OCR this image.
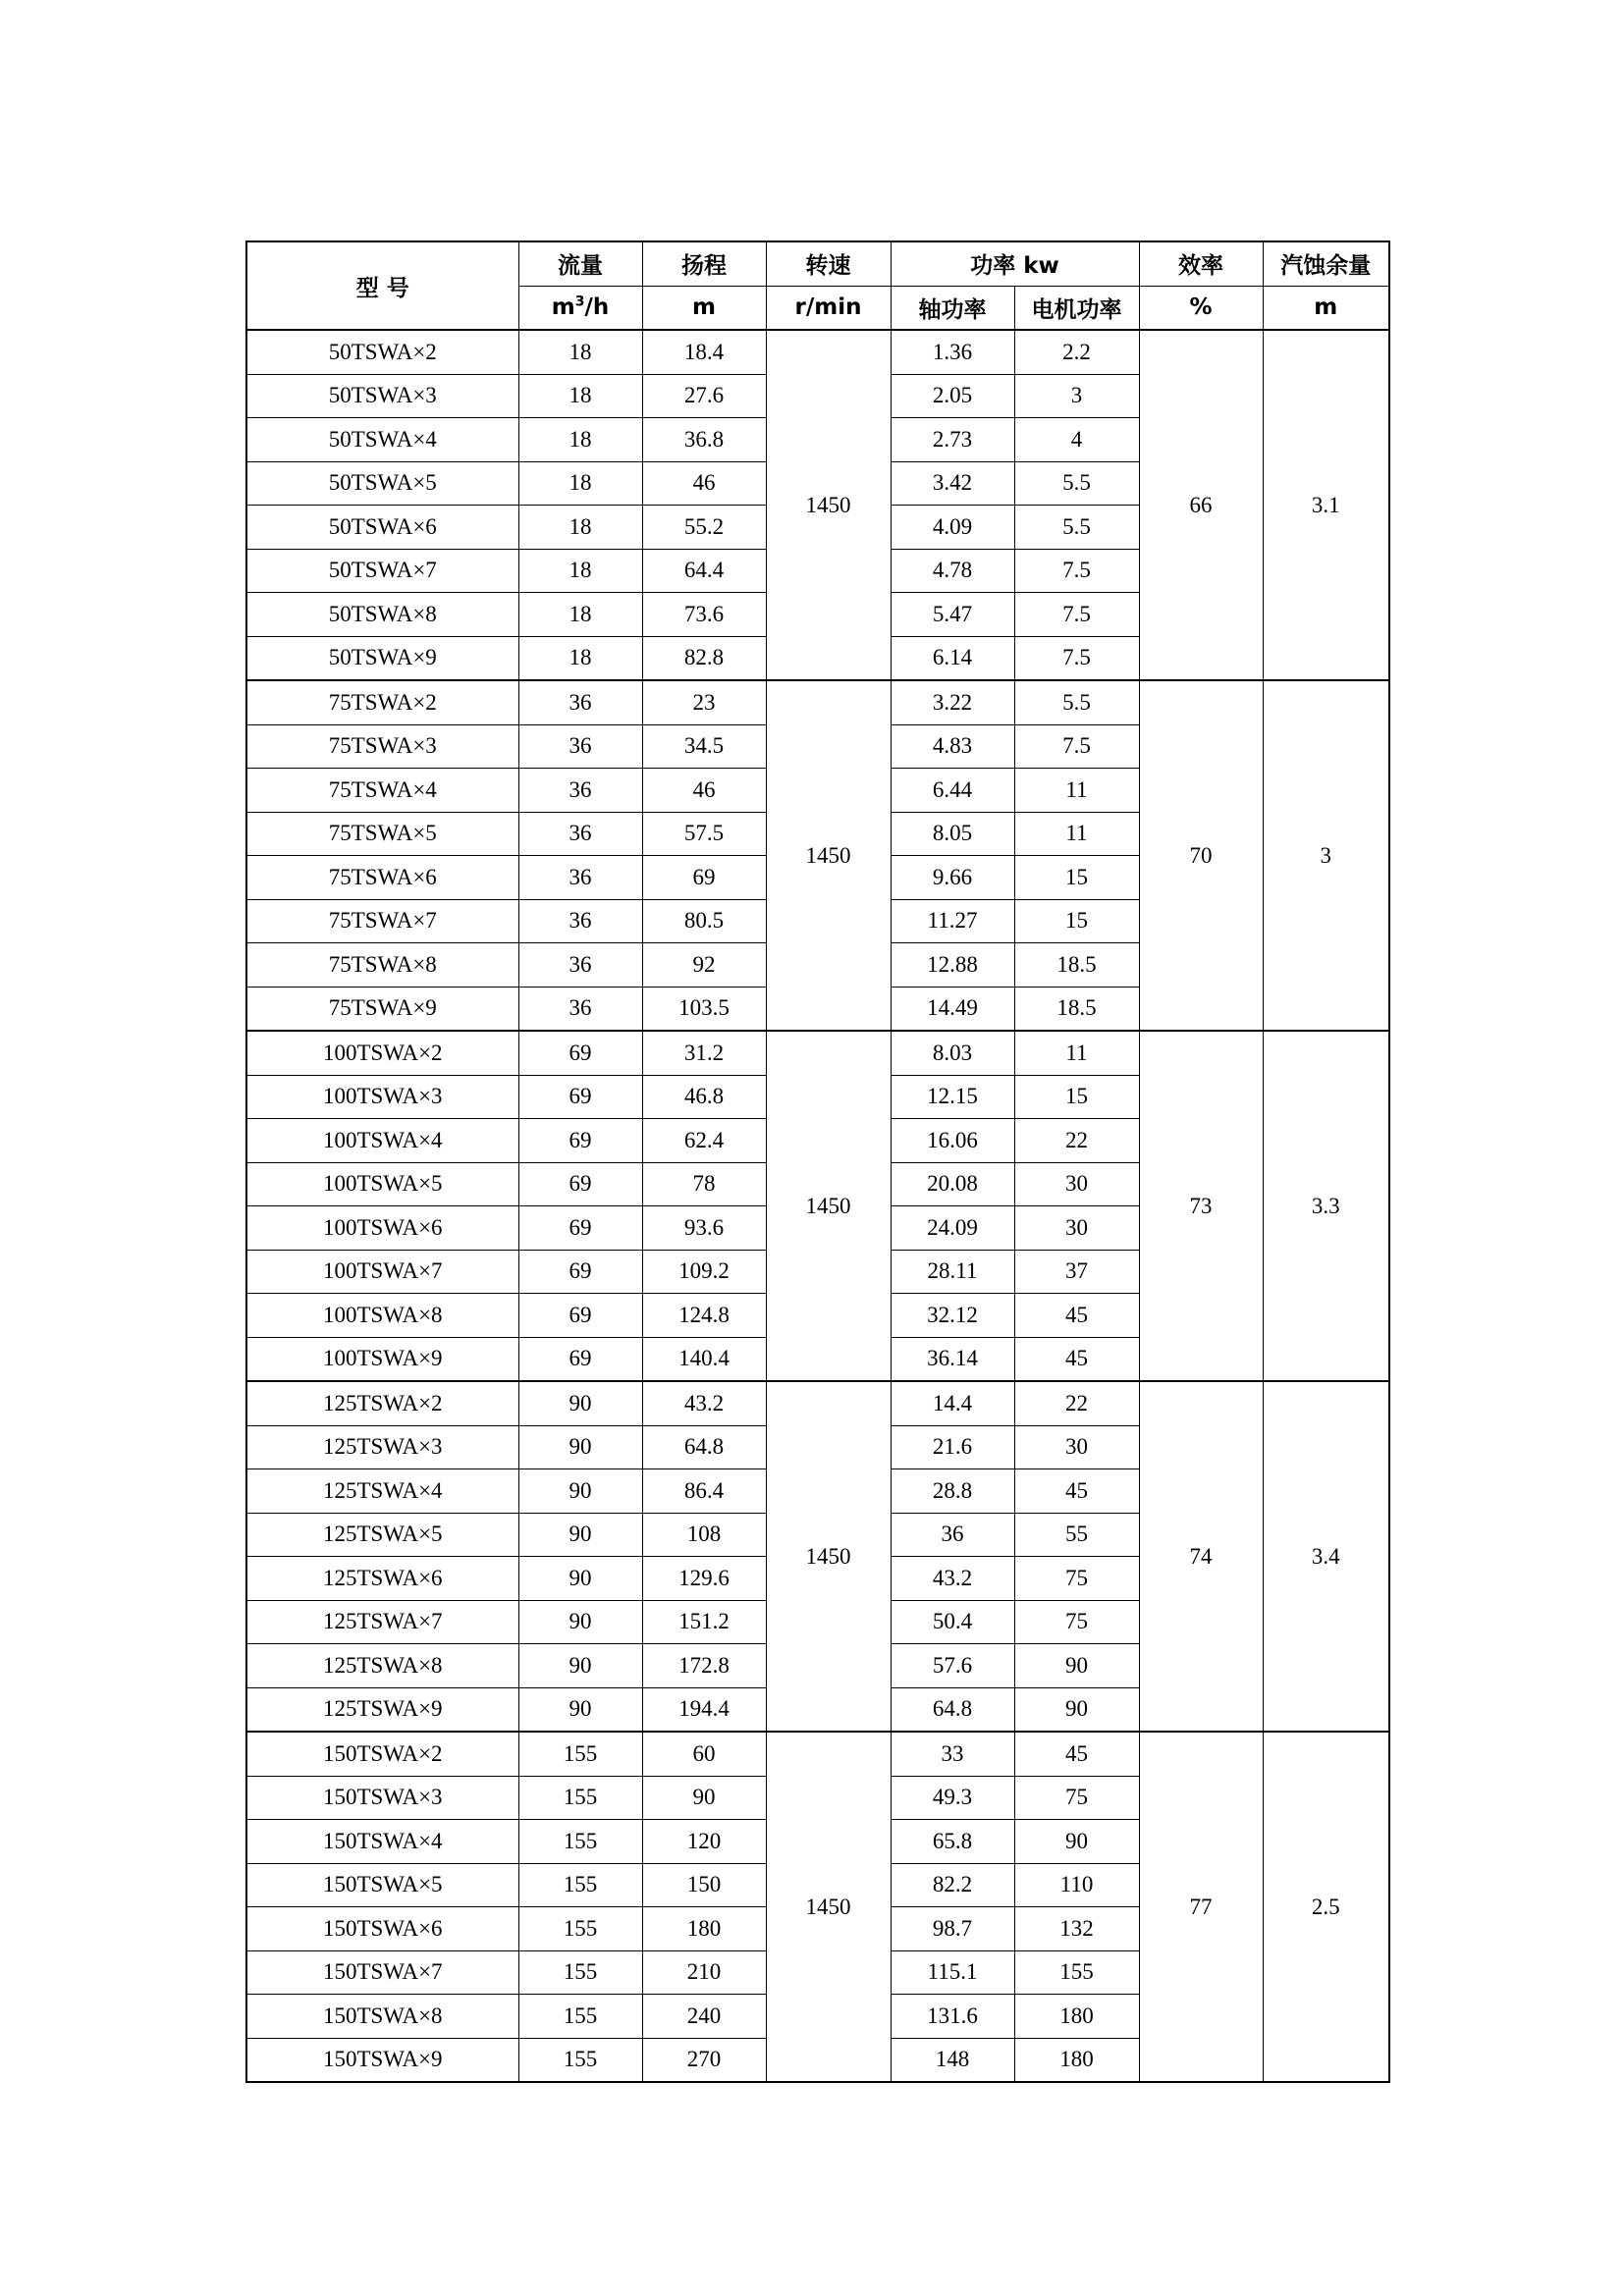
型 号	流量	扬程	转速	功率 kw		效率	汽蚀余量
	$m^3/h$	m	r/min	轴功率	电机功率	%	m
50TSWA×2	18	18.4	1450	1.36	2.2	66	3.1
50TSWA×3	18	27.6		2.05	3		
50TSWA×4	18	36.8		2.73	4		
50TSWA×5	18	46		3.42	5.5		
50TSWA×6	18	55.2		4.09	5.5		
50TSWA×7	18	64.4		4.78	7.5		
50TSWA×8	18	73.6		5.47	7.5		
50TSWA×9	18	82.8		6.14	7.5		
75TSWA×2	36	23	1450	3.22	5.5	70	3
75TSWA×3	36	34.5		4.83	7.5		
75TSWA×4	36	46		6.44	11		
75TSWA×5	36	57.5		8.05	11		
75TSWA×6	36	69		9.66	15		
75TSWA×7	36	80.5		11.27	15		
75TSWA×8	36	92		12.88	18.5		
75TSWA×9	36	103.5		14.49	18.5		
100TSWA×2	69	31.2	1450	8.03	11	73	3.3
100TSWA×3	69	46.8		12.15	15		
100TSWA×4	69	62.4		16.06	22		
100TSWA×5	69	78		20.08	30		
100TSWA×6	69	93.6		24.09	30		
100TSWA×7	69	109.2		28.11	37		
100TSWA×8	69	124.8		32.12	45		
100TSWA×9	69	140.4		36.14	45		
125TSWA×2	90	43.2	1450	14.4	22	74	3.4
125TSWA×3	90	64.8		21.6	30		
125TSWA×4	90	86.4		28.8	45		
125TSWA×5	90	108		36	55		
125TSWA×6	90	129.6		43.2	75		
125TSWA×7	90	151.2		50.4	75		
125TSWA×8	90	172.8		57.6	90		
125TSWA×9	90	194.4		64.8	90		
150TSWA×2	155	60	1450	33	45	77	2.5
150TSWA×3	155	90		49.3	75		
150TSWA×4	155	120		65.8	90		
150TSWA×5	155	150		82.2	110		
150TSWA×6	155	180		98.7	132		
150TSWA×7	155	210		115.1	155		
150TSWA×8	155	240		131.6	180		
150TSWA×9	155	270		148	180		
